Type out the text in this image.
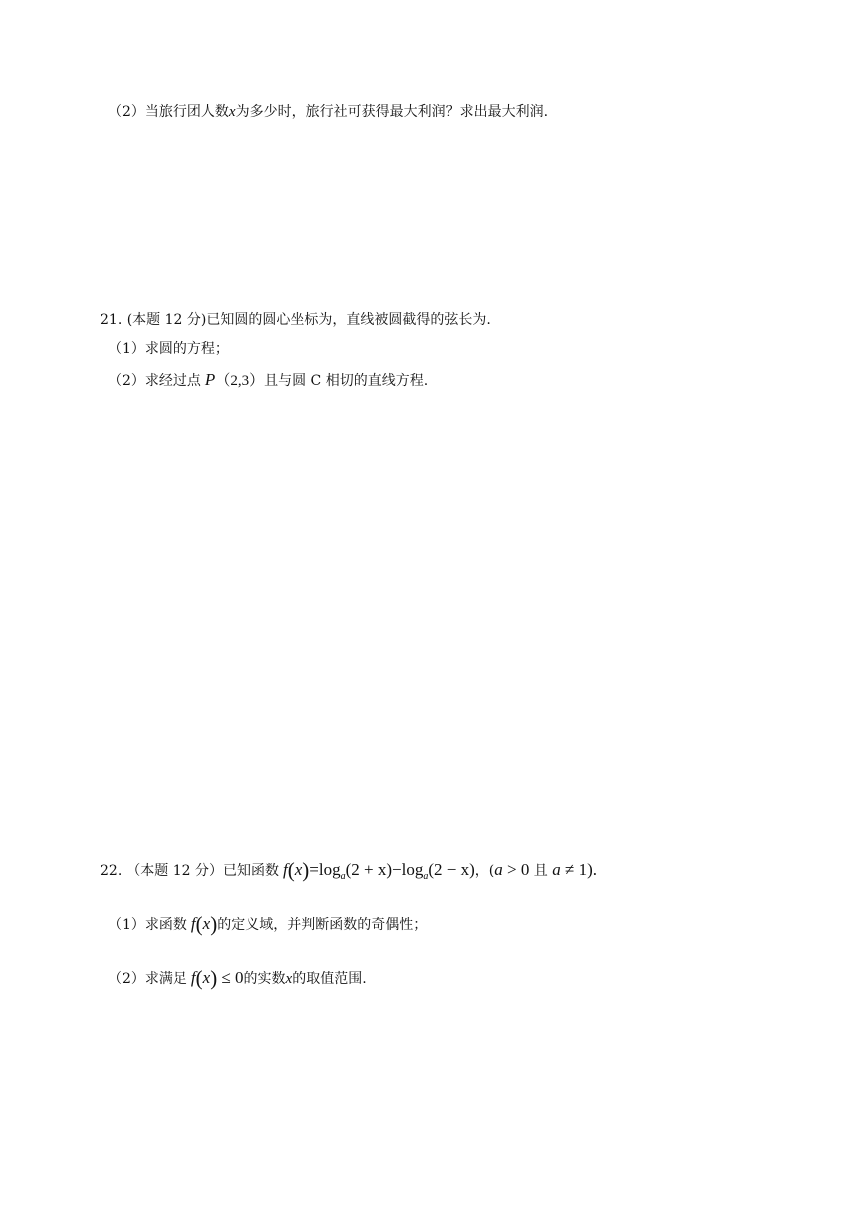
（2）当旅行团人数x为多少时，旅行社可获得最大利润？求出最大利润.
21. (本题 12 分)已知圆的圆心坐标为，直线被圆截得的弦长为.
（1）求圆的方程；
（2）求经过点 P（2,3）且与圆 C 相切的直线方程.
22. （本题 12 分）已知函数 $f(x)=\log_a(2 + x)-\log_a(2 - x)$，(a > 0 且 a ≠ 1).
（1）求函数 f(x)的定义域，并判断函数的奇偶性；
（2）求满足 f(x) ≤ 0的实数x的取值范围.
